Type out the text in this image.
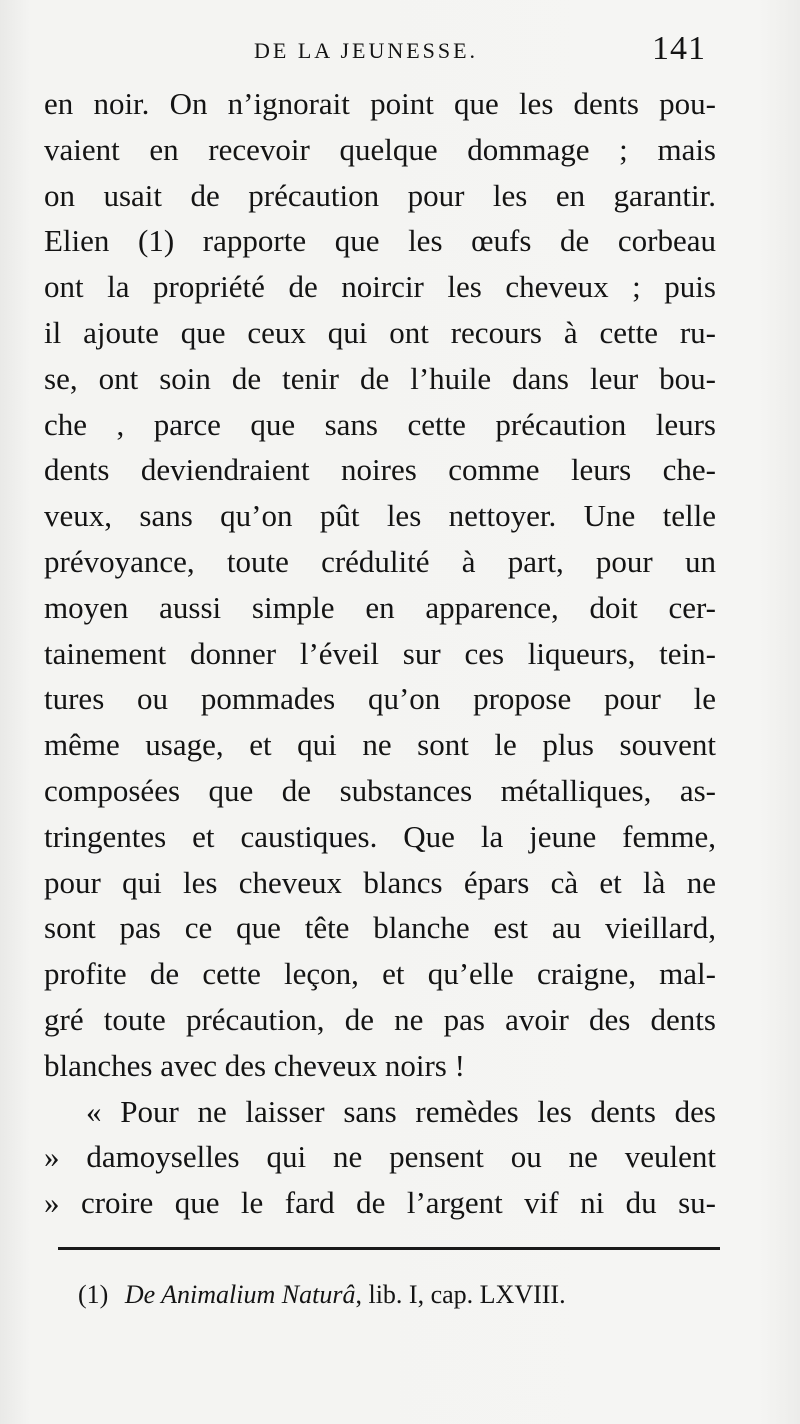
DE LA JEUNESSE.	141
en noir. On n’ignorait point que les dents pou-
vaient en recevoir quelque dommage ; mais
on usait de précaution pour les en garantir.
Elien (1) rapporte que les œufs de corbeau
ont la propriété de noircir les cheveux ; puis
il ajoute que ceux qui ont recours à cette ru-
se, ont soin de tenir de l’huile dans leur bou-
che , parce que sans cette précaution leurs
dents deviendraient noires comme leurs che-
veux, sans qu’on pût les nettoyer. Une telle
prévoyance, toute crédulité à part, pour un
moyen aussi simple en apparence, doit cer-
tainement donner l’éveil sur ces liqueurs, tein-
tures ou pommades qu’on propose pour le
même usage, et qui ne sont le plus souvent
composées que de substances métalliques, as-
tringentes et caustiques. Que la jeune femme,
pour qui les cheveux blancs épars cà et là ne
sont pas ce que tête blanche est au vieillard,
profite de cette leçon, et qu’elle craigne, mal-
gré toute précaution, de ne pas avoir des dents
blanches avec des cheveux noirs !
« Pour ne laisser sans remèdes les dents des
» damoyselles qui ne pensent ou ne veulent
» croire que le fard de l’argent vif ni du su-
(1) De Animalium Naturâ, lib. I, cap. LXVIII.
